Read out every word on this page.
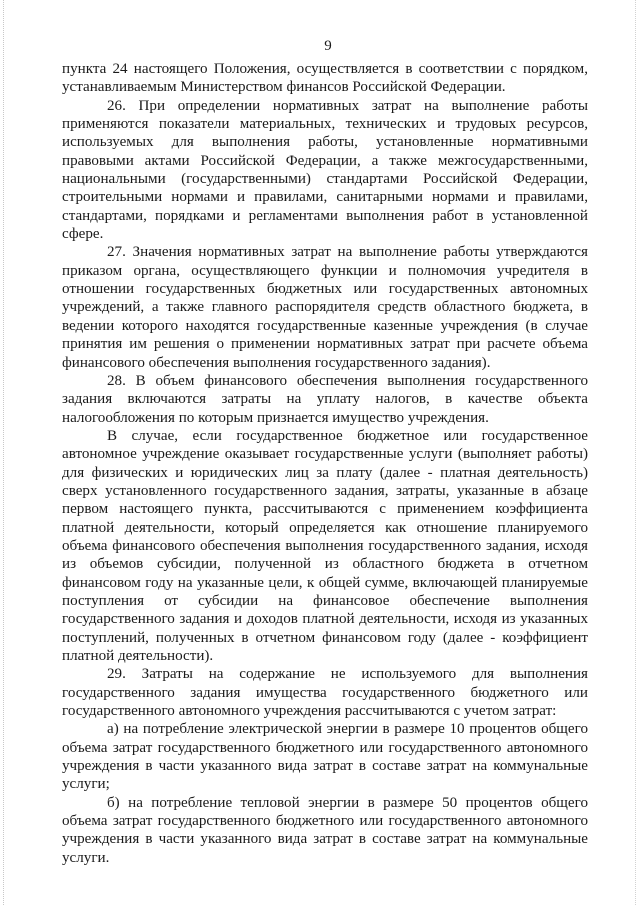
9

пункта 24 настоящего Положения, осуществляется в соответствии с порядком, устанавливаемым Министерством финансов Российской Федерации.

26. При определении нормативных затрат на выполнение работы применяются показатели материальных, технических и трудовых ресурсов, используемых для выполнения работы, установленные нормативными правовыми актами Российской Федерации, а также межгосударственными, национальными (государственными) стандартами Российской Федерации, строительными нормами и правилами, санитарными нормами и правилами, стандартами, порядками и регламентами выполнения работ в установленной сфере.

27. Значения нормативных затрат на выполнение работы утверждаются приказом органа, осуществляющего функции и полномочия учредителя в отношении государственных бюджетных или государственных автономных учреждений, а также главного распорядителя средств областного бюджета, в ведении которого находятся государственные казенные учреждения (в случае принятия им решения о применении нормативных затрат при расчете объема финансового обеспечения выполнения государственного задания).

28. В объем финансового обеспечения выполнения государственного задания включаются затраты на уплату налогов, в качестве объекта налогообложения по которым признается имущество учреждения.

В случае, если государственное бюджетное или государственное автономное учреждение оказывает государственные услуги (выполняет работы) для физических и юридических лиц за плату (далее - платная деятельность) сверх установленного государственного задания, затраты, указанные в абзаце первом настоящего пункта, рассчитываются с применением коэффициента платной деятельности, который определяется как отношение планируемого объема финансового обеспечения выполнения государственного задания, исходя из объемов субсидии, полученной из областного бюджета в отчетном финансовом году на указанные цели, к общей сумме, включающей планируемые поступления от субсидии на финансовое обеспечение выполнения государственного задания и доходов платной деятельности, исходя из указанных поступлений, полученных в отчетном финансовом году (далее - коэффициент платной деятельности).

29. Затраты на содержание не используемого для выполнения государственного задания имущества государственного бюджетного или государственного автономного учреждения рассчитываются с учетом затрат:

а) на потребление электрической энергии в размере 10 процентов общего объема затрат государственного бюджетного или государственного автономного учреждения в части указанного вида затрат в составе затрат на коммунальные услуги;

б) на потребление тепловой энергии в размере 50 процентов общего объема затрат государственного бюджетного или государственного автономного учреждения в части указанного вида затрат в составе затрат на коммунальные услуги.
